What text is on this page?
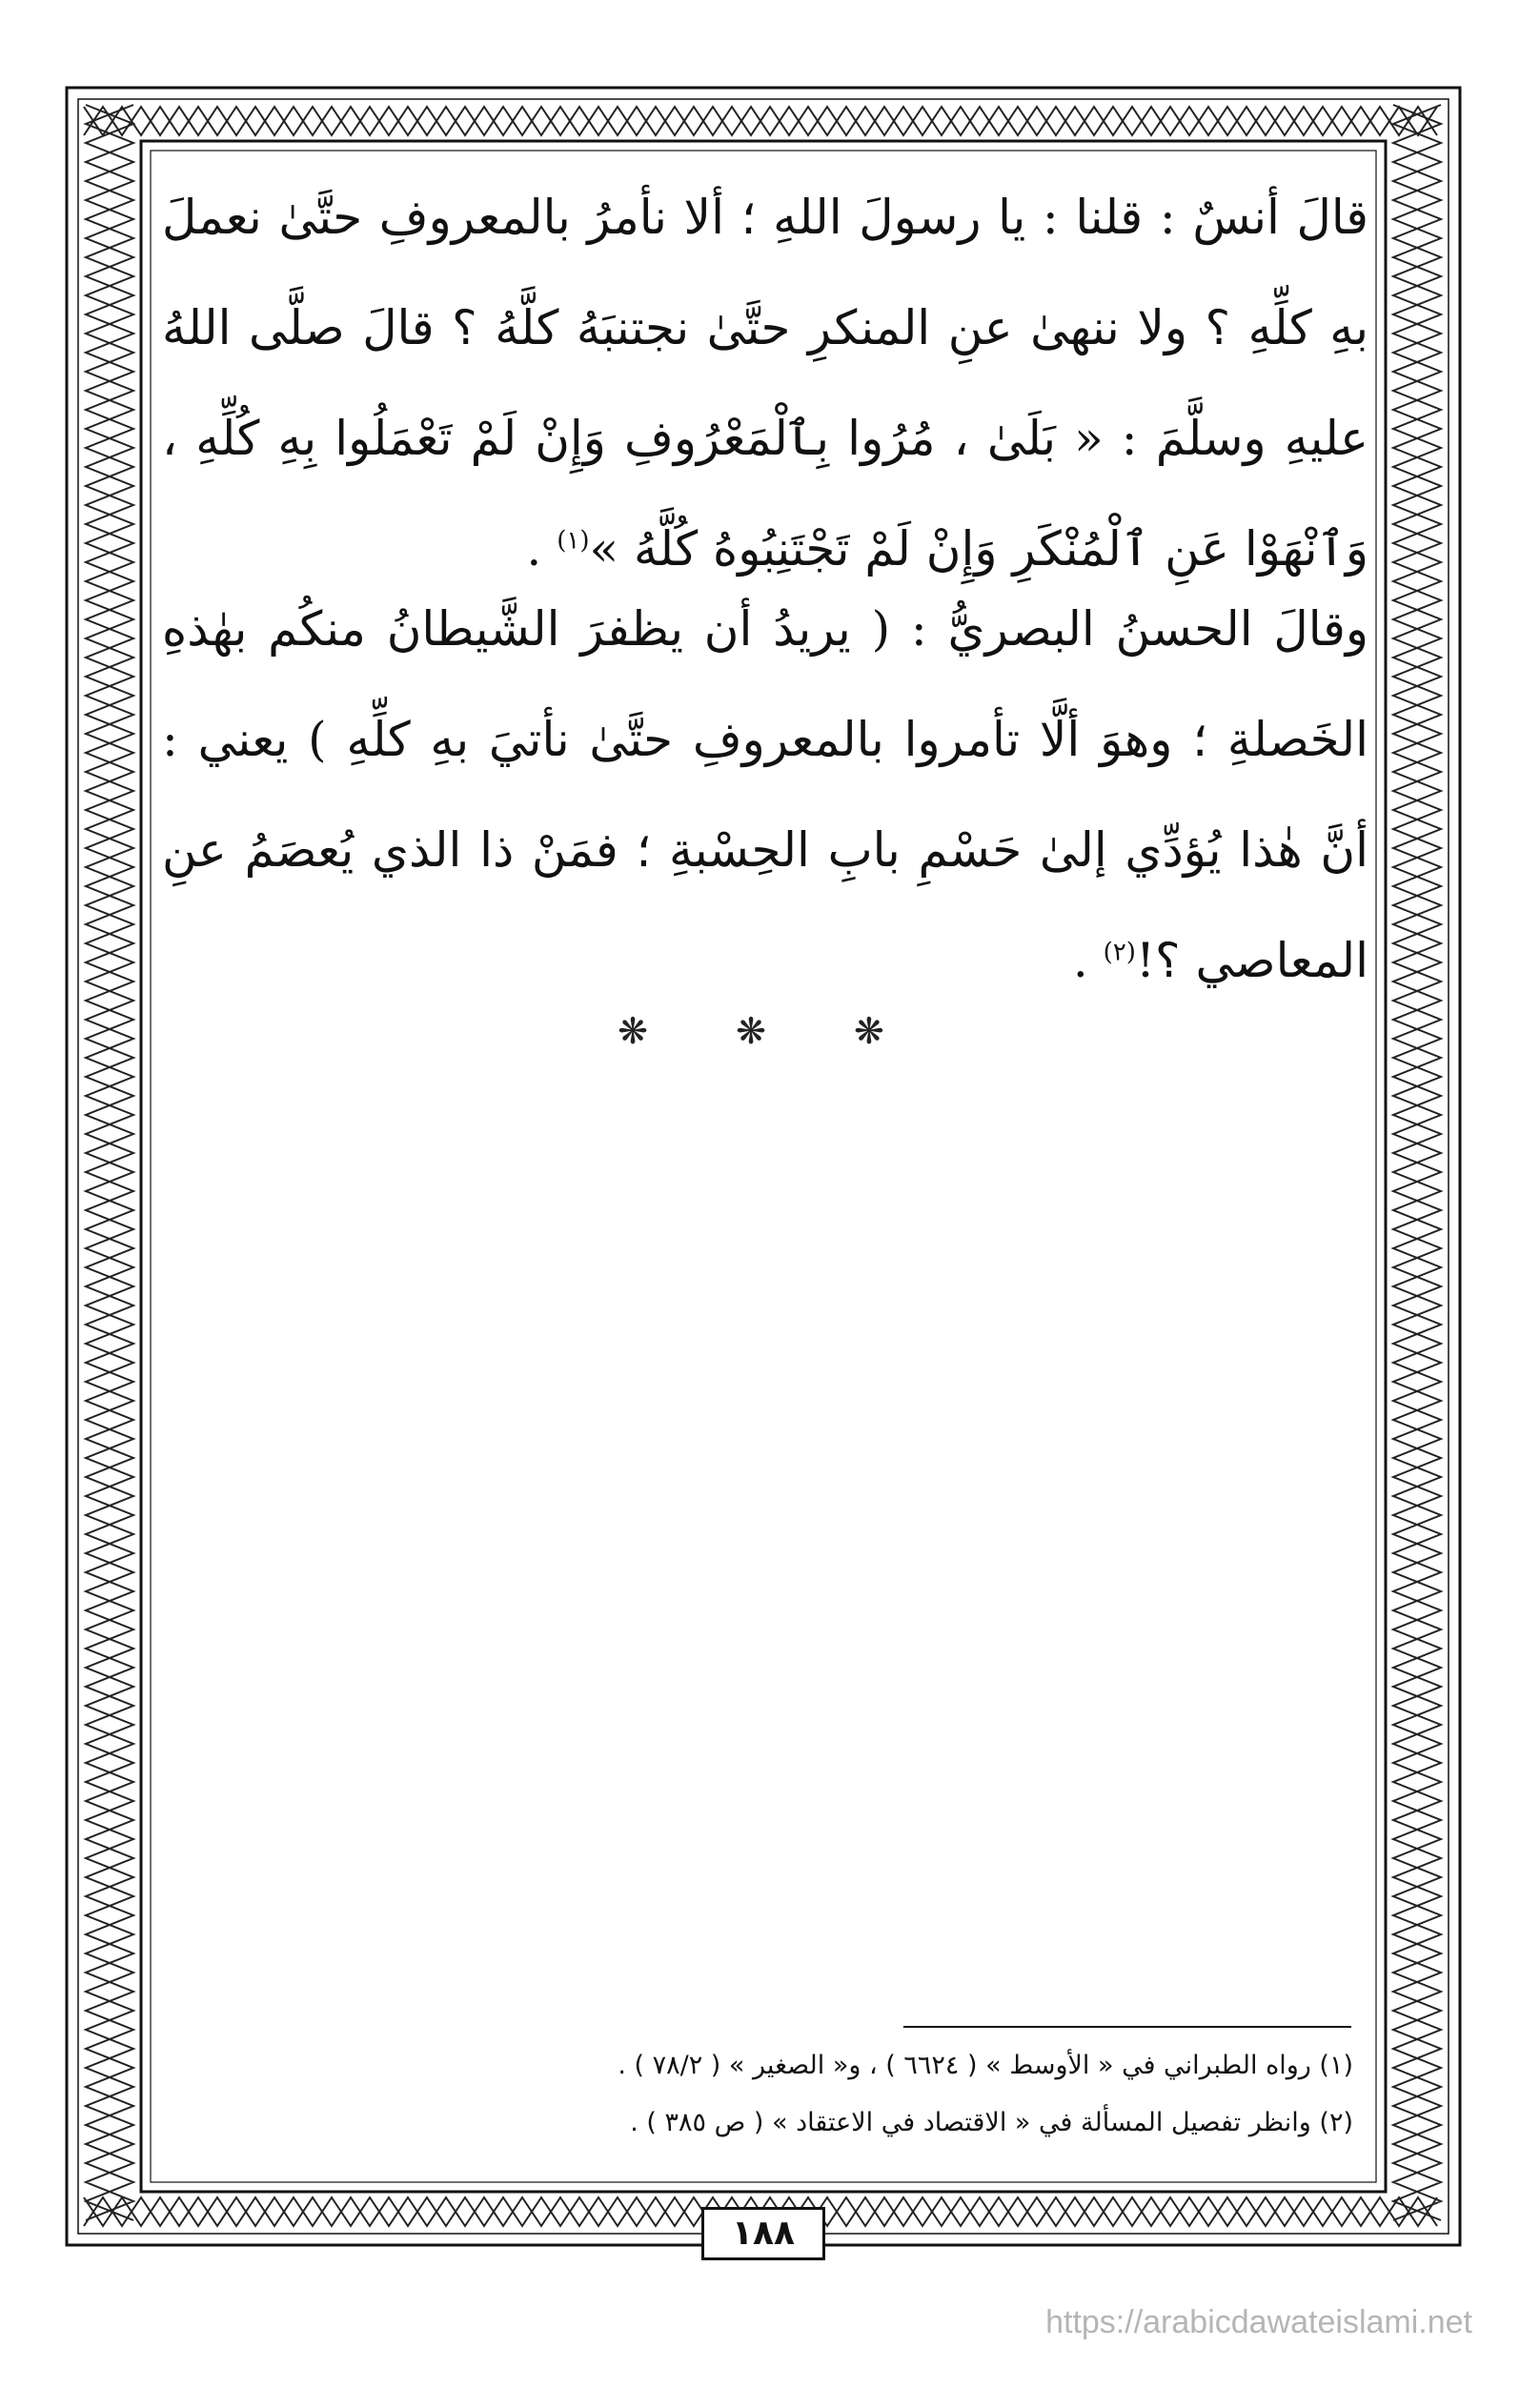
قالَ أنسٌ : قلنا : يا رسولَ اللهِ ؛ ألا نأمرُ بالمعروفِ حتَّىٰ نعملَ بهِ كلِّهِ ؟ ولا ننهىٰ عنِ المنكرِ حتَّىٰ نجتنبَهُ كلَّهُ ؟ قالَ صلَّى اللهُ عليهِ وسلَّمَ : « بَلَىٰ ، مُرُوا بِٱلْمَعْرُوفِ وَإِنْ لَمْ تَعْمَلُوا بِهِ كُلِّهِ ، وَٱنْهَوْا عَنِ ٱلْمُنْكَرِ وَإِنْ لَمْ تَجْتَنِبُوهُ كُلَّهُ »$^{(١)}$ .

وقالَ الحسنُ البصريُّ : ( يريدُ أن يظفرَ الشَّيطانُ منكُم بهٰذهِ الخَصلةِ ؛ وهوَ ألَّا تأمروا بالمعروفِ حتَّىٰ نأتيَ بهِ كلِّهِ ) يعني : أنَّ هٰذا يُؤدِّي إلىٰ حَسْمِ بابِ الحِسْبةِ ؛ فمَنْ ذا الذي يُعصَمُ عنِ المعاصي ؟!$^{(٢)}$ .

❋ ❋ ❋
(١) رواه الطبراني في « الأوسط » ( ٦٦٢٤ ) ، و« الصغير » ( ٧٨/٢ ) .
(٢) وانظر تفصيل المسألة في « الاقتصاد في الاعتقاد » ( ص ٣٨٥ ) .
١٨٨
https://arabicdawateislami.net
